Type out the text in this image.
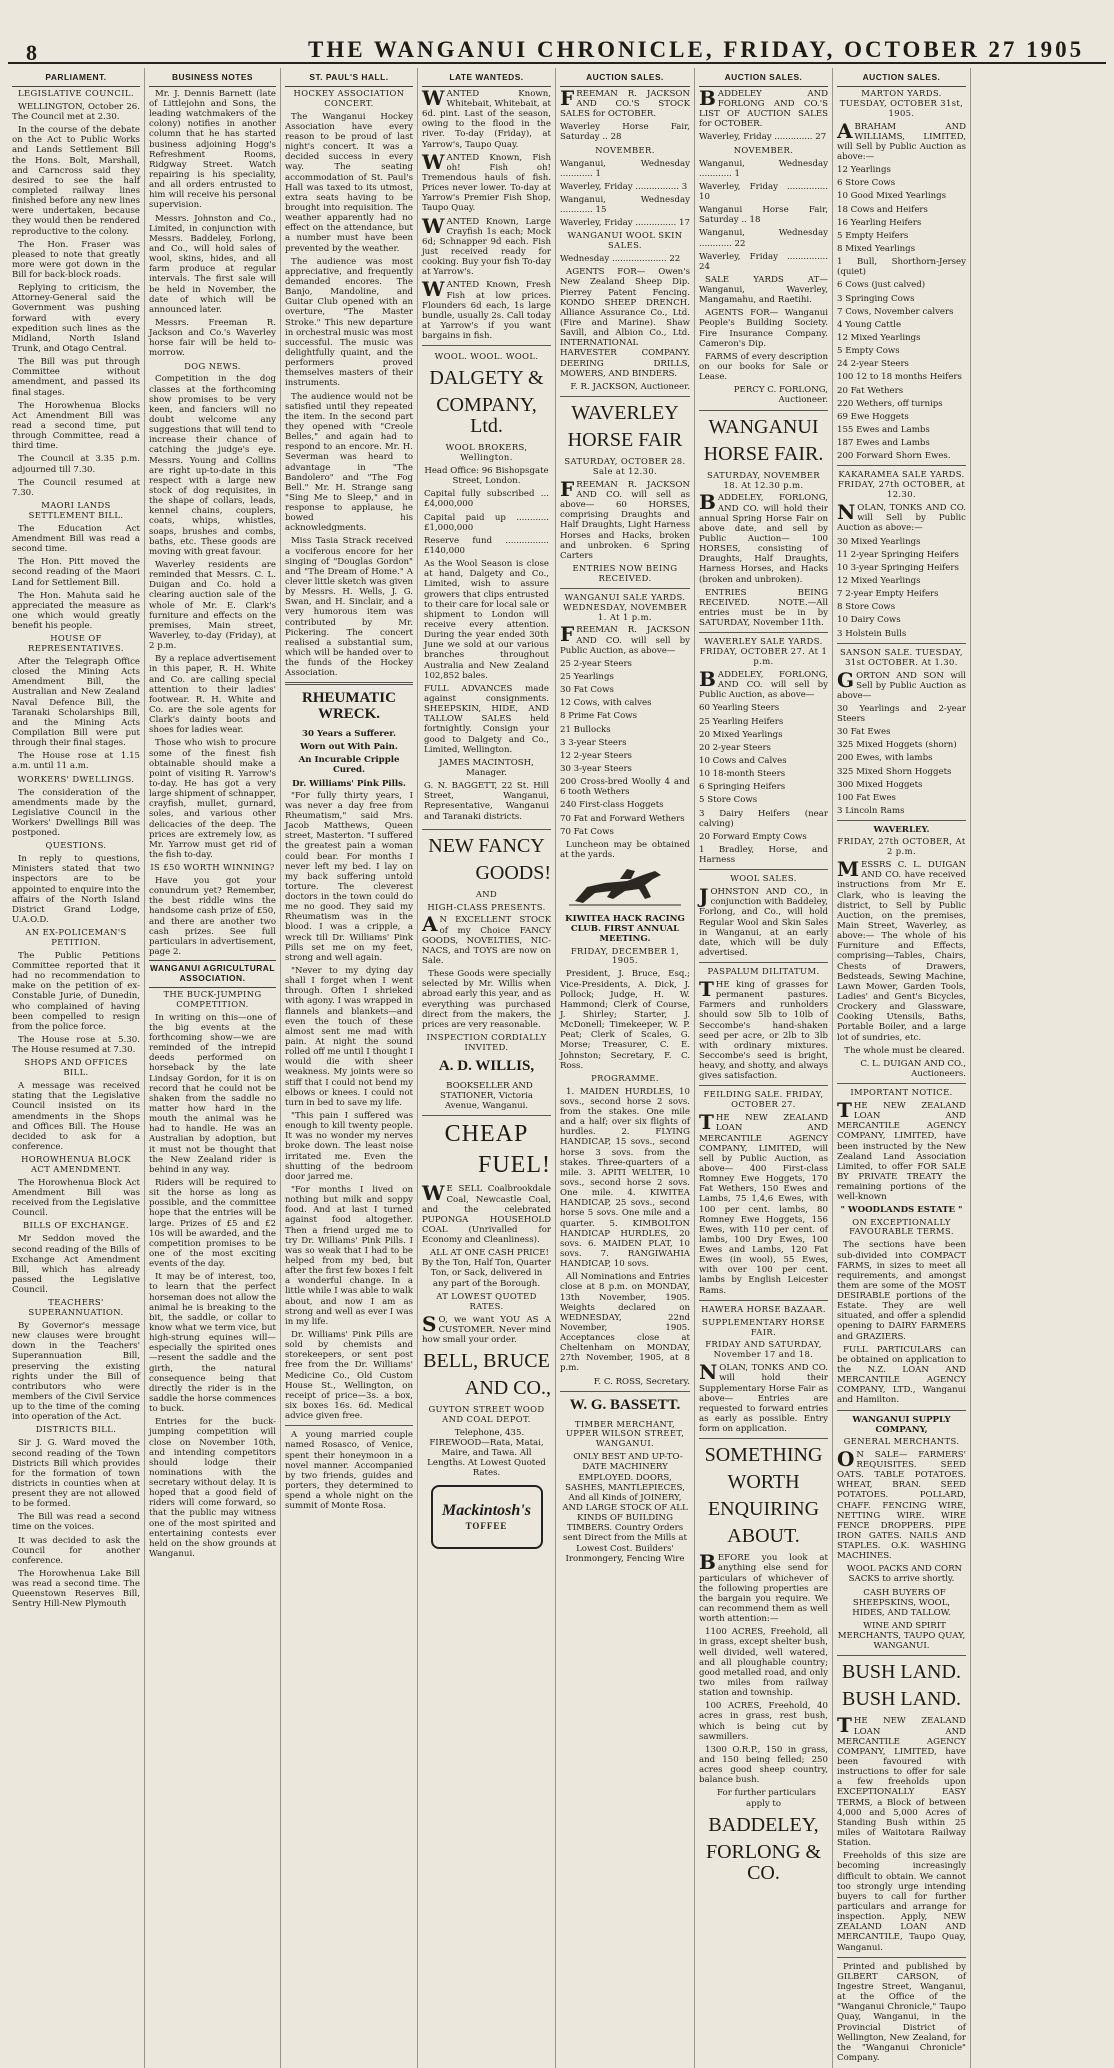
8	THE WANGANUI CHRONICLE, FRIDAY, OCTOBER 27 1905
PARLIAMENT.
LEGISLATIVE COUNCIL.

WELLINGTON, October 26. The Council met at 2.30.

In the course of the debate on the Act to Public Works and Lands Settlement Bill the Hons. Bolt, Marshall, and Carncross said they desired to see the half completed railway lines finished before any new lines were undertaken, because they would then be rendered reproductive to the colony.

The Hon. Fraser was pleased to note that greatly more were got down in the Bill for back-block roads.

Replying to criticism, the Attorney-General said the Government was pushing forward with every expedition such lines as the Midland, North Island Trunk, and Otago Central.

The Bill was put through Committee without amendment, and passed its final stages.

The Horowhenua Blocks Act Amendment Bill was read a second time, put through Committee, read a third time.

The Council at 3.35 p.m. adjourned till 7.30.

The Council resumed at 7.30.

MAORI LANDS SETTLEMENT BILL.

The Education Act Amendment Bill was read a second time.

The Hon. Pitt moved the second reading of the Maori Land for Settlement Bill.

The Hon. Mahuta said he appreciated the measure as one which would greatly benefit his people.

HOUSE OF REPRESENTATIVES.

After the Telegraph Office closed the Mining Acts Amendment Bill, the Australian and New Zealand Naval Defence Bill, the Taranaki Scholarships Bill, and the Mining Acts Compilation Bill were put through their final stages.

The House rose at 1.15 a.m. until 11 a.m.

WORKERS' DWELLINGS.

The consideration of the amendments made by the Legislative Council in the Workers' Dwellings Bill was postponed.

QUESTIONS.

In reply to questions, Ministers stated that two inspectors are to be appointed to enquire into the affairs of the North Island District Grand Lodge, U.A.O.D.

AN EX-POLICEMAN'S PETITION.

The Public Petitions Committee reported that it had no recommendation to make on the petition of ex-Constable Jurie, of Dunedin, who complained of having been compelled to resign from the police force.

The House rose at 5.30. The House resumed at 7.30.

SHOPS AND OFFICES BILL.

A message was received stating that the Legislative Council insisted on its amendments in the Shops and Offices Bill. The House decided to ask for a conference.

HOROWHENUA BLOCK ACT AMENDMENT.

The Horowhenua Block Act Amendment Bill was received from the Legislative Council.

BILLS OF EXCHANGE.

Mr Seddon moved the second reading of the Bills of Exchange Act Amendment Bill, which has already passed the Legislative Council.

TEACHERS' SUPERANNUATION.

By Governor's message new clauses were brought down in the Teachers' Superannuation Bill, preserving the existing rights under the Bill of contributors who were members of the Civil Service up to the time of the coming into operation of the Act.

DISTRICTS BILL.

Sir J. G. Ward moved the second reading of the Town Districts Bill which provides for the formation of town districts in counties when at present they are not allowed to be formed.

The Bill was read a second time on the voices.

It was decided to ask the Council for another conference.

The Horowhenua Lake Bill was read a second time. The Queenstown Reserves Bill, Sentry Hill-New Plymouth

BUSINESS NOTES

Mr. J. Dennis Barnett (late of Littlejohn and Sons, the leading watchmakers of the colony) notifies in another column that he has started business adjoining Hogg's Refreshment Rooms, Ridgway Street. Watch repairing is his speciality, and all orders entrusted to him will receive his personal supervision.

Messrs. Johnston and Co., Limited, in conjunction with Messrs. Baddeley, Forlong, and Co., will hold sales of wool, skins, hides, and all farm produce at regular intervals. The first sale will be held in November, the date of which will be announced later.

Messrs. Freeman R. Jackson and Co.'s Waverley horse fair will be held to-morrow.

DOG NEWS.

Competition in the dog classes at the forthcoming show promises to be very keen, and fanciers will no doubt welcome any suggestions that will tend to increase their chance of catching the judge's eye. Messrs. Young and Collins are right up-to-date in this respect with a large new stock of dog requisites, in the shape of collars, leads, kennel chains, couplers, coats, whips, whistles, soaps, brushes and combs, baths, etc. These goods are moving with great favour.

Waverley residents are reminded that Messrs. C. L. Duigan and Co. hold a clearing auction sale of the whole of Mr. E. Clark's furniture and effects on the premises, Main street, Waverley, to-day (Friday), at 2 p.m.

By a replace advertisement in this paper, R. H. White and Co. are calling special attention to their ladies' footwear. R. H. White and Co. are the sole agents for Clark's dainty boots and shoes for ladies wear.

Those who wish to procure some of the finest fish obtainable should make a point of visiting R. Yarrow's to-day. He has got a very large shipment of schnapper, crayfish, mullet, gurnard, soles, and various other delicacies of the deep. The prices are extremely low, as Mr. Yarrow must get rid of the fish to-day.

IS £50 WORTH WINNING?

Have you got your conundrum yet? Remember, the best riddle wins the handsome cash prize of £50, and there are another two cash prizes. See full particulars in advertisement, page 2.

WANGANUI AGRICULTURAL ASSOCIATION.
THE BUCK-JUMPING COMPETITION.

In writing on this—one of the big events at the forthcoming show—we are reminded of the intrepid deeds performed on horseback by the late Lindsay Gordon, for it is on record that he could not be shaken from the saddle no matter how hard in the mouth the animal was he had to handle. He was an Australian by adoption, but it must not be thought that the New Zealand rider is behind in any way.

Riders will be required to sit the horse as long as possible, and the committee hope that the entries will be large. Prizes of £5 and £2 10s will be awarded, and the competition promises to be one of the most exciting events of the day.

It may be of interest, too, to learn that the perfect horseman does not allow the animal he is breaking to the bit, the saddle, or collar to know what we term vice, but high-strung equines will—especially the spirited ones—resent the saddle and the girth, the natural consequence being that directly the rider is in the saddle the horse commences to buck.

Entries for the buck-jumping competition will close on November 10th, and intending competitors should lodge their nominations with the secretary without delay. It is hoped that a good field of riders will come forward, so that the public may witness one of the most spirited and entertaining contests ever held on the show grounds at Wanganui.

ST. PAUL'S HALL.
HOCKEY ASSOCIATION CONCERT.

The Wanganui Hockey Association have every reason to be proud of last night's concert. It was a decided success in every way. The seating accommodation of St. Paul's Hall was taxed to its utmost, extra seats having to be brought into requisition. The weather apparently had no effect on the attendance, but a number must have been prevented by the weather.

The audience was most appreciative, and frequently demanded encores. The Banjo, Mandoline, and Guitar Club opened with an overture, "The Master Stroke." This new departure in orchestral music was most successful. The music was delightfully quaint, and the performers proved themselves masters of their instruments.

The audience would not be satisfied until they repeated the item. In the second part they opened with "Creole Belles," and again had to respond to an encore. Mr. H. Severman was heard to advantage in "The Bandolero" and "The Fog Bell." Mr. H. Strange sang "Sing Me to Sleep," and in response to applause, he bowed his acknowledgments.

Miss Tasia Strack received a vociferous encore for her singing of "Douglas Gordon" and "The Dream of Home." A clever little sketch was given by Messrs. H. Wells, J. G. Swan, and H. Sinclair, and a very humorous item was contributed by Mr. Pickering. The concert realised a substantial sum, which will be handed over to the funds of the Hockey Association.

RHEUMATIC WRECK.
30 Years a Sufferer.
Worn out With Pain.
An Incurable Cripple Cured.
Dr. Williams' Pink Pills.

"For fully thirty years, I was never a day free from Rheumatism," said Mrs. Jacob Matthews, Queen street, Masterton. "I suffered the greatest pain a woman could bear. For months I never left my bed. I lay on my back suffering untold torture. The cleverest doctors in the town could do me no good. They said my Rheumatism was in the blood. I was a cripple, a wreck till Dr. Williams' Pink Pills set me on my feet, strong and well again.

"Never to my dying day shall I forget when I went through. Often I shrieked with agony. I was wrapped in flannels and blankets—and even the touch of these almost sent me mad with pain. At night the sound rolled off me until I thought I would die with sheer weakness. My joints were so stiff that I could not bend my elbows or knees. I could not turn in bed to save my life.

"This pain I suffered was enough to kill twenty people. It was no wonder my nerves broke down. The least noise irritated me. Even the shutting of the bedroom door jarred me.

"For months I lived on nothing but milk and soppy food. And at last I turned against food altogether. Then a friend urged me to try Dr. Williams' Pink Pills. I was so weak that I had to be helped from my bed, but after the first few boxes I felt a wonderful change. In a little while I was able to walk about, and now I am as strong and well as ever I was in my life.

Dr. Williams' Pink Pills are sold by chemists and storekeepers, or sent post free from the Dr. Williams' Medicine Co., Old Custom House St., Wellington, on receipt of price—3s. a box, six boxes 16s. 6d. Medical advice given free.

A young married couple named Rosasco, of Venice, spent their honeymoon in a novel manner. Accompanied by two friends, guides and porters, they determined to spend a whole night on the summit of Monte Rosa.

LATE WANTEDS.

WANTED Known, Whitebait, Whitebait, at 6d. pint. Last of the season, owing to the flood in the river. To-day (Friday), at Yarrow's, Taupo Quay.

WANTED Known, Fish oh! Fish oh! Tremendous hauls of fish. Prices never lower. To-day at Yarrow's Premier Fish Shop, Taupo Quay.

WANTED Known, Large Crayfish 1s each; Mock 6d; Schnapper 9d each. Fish just received ready for cooking. Buy your fish To-day at Yarrow's.

WANTED Known, Fresh Fish at low prices. Flounders 6d each, 1s large bundle, usually 2s. Call today at Yarrow's if you want bargains in fish.

WOOL. WOOL. WOOL.
DALGETY &
COMPANY, Ltd.
WOOL BROKERS, Wellington.

Head Office: 96 Bishopsgate Street, London.

Capital fully subscribed ... £4,000,000

Capital paid up ............ £1,000,000

Reserve fund ................ £140,000

As the Wool Season is close at hand, Dalgety and Co., Limited, wish to assure growers that clips entrusted to their care for local sale or shipment to London will receive every attention. During the year ended 30th June we sold at our various branches throughout Australia and New Zealand 102,852 bales.

FULL ADVANCES made against consignments. SHEEPSKIN, HIDE, AND TALLOW SALES held fortnightly. Consign your good to Dalgety and Co., Limited, Wellington.

JAMES MACINTOSH, Manager.

G. N. BAGGETT, 22 St. Hill Street, Wanganui, Representative, Wanganui and Taranaki districts.

NEW FANCY
GOODS!
AND
HIGH-CLASS PRESENTS.

AN EXCELLENT STOCK of my Choice FANCY GOODS, NOVELTIES, NIC-NACS, and TOYS are now on Sale.

These Goods were specially selected by Mr. Willis when abroad early this year, and as everything was purchased direct from the makers, the prices are very reasonable.

INSPECTION CORDIALLY INVITED.
A. D. WILLIS,

BOOKSELLER AND STATIONER, Victoria Avenue, Wanganui.

CHEAP
FUEL!

WE SELL Coalbrookdale Coal, Newcastle Coal, and the celebrated PUPONGA HOUSEHOLD COAL (Unrivalled for Economy and Cleanliness).

ALL AT ONE CASH PRICE! By the Ton, Half Ton, Quarter Ton, or Sack, delivered in any part of the Borough.

AT LOWEST QUOTED RATES.

SO, we want YOU AS A CUSTOMER. Never mind how small your order.

BELL, BRUCE
AND CO.,
GUYTON STREET WOOD AND COAL DEPOT.

Telephone, 435. FIREWOOD—Rata, Matai, Maire, and Tawa. All Lengths. At Lowest Quoted Rates.

Mackintosh's
TOFFEE
AUCTION SALES.

FREEMAN R. JACKSON AND CO.'S STOCK SALES for OCTOBER.

Waverley Horse Fair, Saturday .. 28

NOVEMBER.

Wanganui, Wednesday ............ 1

Waverley, Friday ................ 3

Wanganui, Wednesday ............ 15

Waverley, Friday ............... 17

WANGANUI WOOL SKIN SALES.

Wednesday .................... 22

AGENTS FOR— Owen's New Zealand Sheep Dip. Pierrey Patent Fencing. KONDO SHEEP DRENCH. Alliance Assurance Co., Ltd. (Fire and Marine). Shaw Savill, and Albion Co., Ltd. INTERNATIONAL HARVESTER COMPANY. DEERING DRILLS, MOWERS, AND BINDERS.

F. R. JACKSON, Auctioneer.

WAVERLEY
HORSE FAIR
SATURDAY, OCTOBER 28. Sale at 12.30.

FREEMAN R. JACKSON AND CO. will sell as above— 60 HORSES, comprising Draughts and Half Draughts, Light Harness Horses and Hacks, broken and unbroken. 6 Spring Carters

ENTRIES NOW BEING RECEIVED.
WANGANUI SALE YARDS. WEDNESDAY, NOVEMBER 1. At 1 p.m.

FREEMAN R. JACKSON AND CO. will sell by Public Auction, as above—

25 2-year Steers

25 Yearlings

30 Fat Cows

12 Cows, with calves

8 Prime Fat Cows

21 Bullocks

3 3-year Steers

12 2-year Steers

30 3-year Steers

200 Cross-bred Woolly 4 and 6 tooth Wethers

240 First-class Hoggets

70 Fat and Forward Wethers

70 Fat Cows

Luncheon may be obtained at the yards.

KIWITEA HACK RACING CLUB. FIRST ANNUAL MEETING.
FRIDAY, DECEMBER 1, 1905.

President, J. Bruce, Esq.; Vice-Presidents, A. Dick, J. Pollock; Judge, H. W. Hammond; Clerk of Course, J. Shirley; Starter, J. McDonell; Timekeeper, W. P. Peat; Clerk of Scales, G. Morse; Treasurer, C. E. Johnston; Secretary, F. C. Ross.

PROGRAMME.

1. MAIDEN HURDLES, 10 sovs., second horse 2 sovs. from the stakes. One mile and a half; over six flights of hurdles. 2. FLYING HANDICAP, 15 sovs., second horse 3 sovs. from the stakes. Three-quarters of a mile. 3. APITI WELTER, 10 sovs., second horse 2 sovs. One mile. 4. KIWITEA HANDICAP, 25 sovs., second horse 5 sovs. One mile and a quarter. 5. KIMBOLTON HANDICAP HURDLES, 20 sovs. 6. MAIDEN PLAT, 10 sovs. 7. RANGIWAHIA HANDICAP, 10 sovs.

All Nominations and Entries close at 8 p.m. on MONDAY, 13th November, 1905. Weights declared on WEDNESDAY, 22nd November, 1905. Acceptances close at Cheltenham on MONDAY, 27th November, 1905, at 8 p.m.

F. C. ROSS, Secretary.

W. G. BASSETT.
TIMBER MERCHANT, UPPER WILSON STREET, WANGANUI.

ONLY BEST AND UP-TO-DATE MACHINERY EMPLOYED. DOORS, SASHES, MANTLEPIECES, And all Kinds of JOINERY, AND LARGE STOCK OF ALL KINDS OF BUILDING TIMBERS. Country Orders sent Direct from the Mills at Lowest Cost. Builders' Ironmongery, Fencing Wire

AUCTION SALES.

BADDELEY AND FORLONG AND CO.'S LIST OF AUCTION SALES for OCTOBER.

Waverley, Friday .............. 27

NOVEMBER.

Wanganui, Wednesday ............ 1

Waverley, Friday ............... 10

Wanganui Horse Fair, Saturday .. 18

Wanganui, Wednesday ............ 22

Waverley, Friday ............... 24

SALE YARDS AT— Wanganui, Waverley, Mangamahu, and Raetihi.

AGENTS FOR— Wanganui People's Building Society. Fire Insurance Company. Cameron's Dip.

FARMS of every description on our books for Sale or Lease.

PERCY C. FORLONG, Auctioneer.

WANGANUI
HORSE FAIR.
SATURDAY, NOVEMBER 18. At 12.30 p.m.

BADDELEY, FORLONG, AND CO. will hold their annual Spring Horse Fair on above date, and sell by Public Auction— 100 HORSES, consisting of Draughts, Half Draughts, Harness Horses, and Hacks (broken and unbroken).

ENTRIES BEING RECEIVED. NOTE.—All entries must be in by SATURDAY, November 11th.

WAVERLEY SALE YARDS. FRIDAY, OCTOBER 27. At 1 p.m.

BADDELEY, FORLONG, AND CO. will sell by Public Auction, as above—

60 Yearling Steers

25 Yearling Heifers

20 Mixed Yearlings

20 2-year Steers

10 Cows and Calves

10 18-month Steers

6 Springing Heifers

5 Store Cows

3 Dairy Heifers (near calving)

20 Forward Empty Cows

1 Bradley, Horse, and Harness

WOOL SALES.

JOHNSTON AND CO., in conjunction with Baddeley, Forlong, and Co., will hold Regular Wool and Skin Sales in Wanganui, at an early date, which will be duly advertised.

PASPALUM DILITATUM.

THE king of grasses for permanent pastures. Farmers and runholders should sow 5lb to 10lb of Seccombe's hand-shaken seed per acre, or 2lb to 3lb with ordinary mixtures. Seccombe's seed is bright, heavy, and shotty, and always gives satisfaction.

FEILDING SALE. FRIDAY, OCTOBER 27.

THE NEW ZEALAND LOAN AND MERCANTILE AGENCY COMPANY, LIMITED, will sell by Public Auction, as above— 400 First-class Romney Ewe Hoggets, 170 Fat Wethers, 150 Ewes and Lambs, 75 1,4,6 Ewes, with 100 per cent. lambs, 80 Romney Ewe Hoggets, 156 Ewes, with 110 per cent. of lambs, 100 Dry Ewes, 100 Ewes and Lambs, 120 Fat Ewes (in wool), 55 Ewes, with over 100 per cent. lambs by English Leicester Rams.

HAWERA HORSE BAZAAR.
SUPPLEMENTARY HORSE FAIR.
FRIDAY AND SATURDAY, November 17 and 18.

NOLAN, TONKS AND CO. will hold their Supplementary Horse Fair as above— Entries are requested to forward entries as early as possible. Entry form on application.

SOMETHING
WORTH
ENQUIRING
ABOUT.

BEFORE you look at anything else send for particulars of whichever of the following properties are the bargain you require. We can recommend them as well worth attention:—

1100 ACRES, Freehold, all in grass, except shelter bush, well divided, well watered, and all ploughable country; good metalled road, and only two miles from railway station and township.

100 ACRES, Freehold, 40 acres in grass, rest bush, which is being cut by sawmillers.

1300 O.R.P., 150 in grass, and 150 being felled; 250 acres good sheep country, balance bush.

For further particulars apply to

BADDELEY,
FORLONG & CO.
AUCTION SALES.
MARTON YARDS. TUESDAY, OCTOBER 31st, 1905.

ABRAHAM AND WILLIAMS, LIMITED, will Sell by Public Auction as above:—

12 Yearlings

6 Store Cows

10 Good Mixed Yearlings

18 Cows and Heifers

16 Yearling Heifers

5 Empty Heifers

8 Mixed Yearlings

1 Bull, Shorthorn-Jersey (quiet)

6 Cows (just calved)

3 Springing Cows

7 Cows, November calvers

4 Young Cattle

12 Mixed Yearlings

5 Empty Cows

24 2-year Steers

100 12 to 18 months Heifers

20 Fat Wethers

220 Wethers, off turnips

69 Ewe Hoggets

155 Ewes and Lambs

187 Ewes and Lambs

200 Forward Shorn Ewes.

KAKARAMEA SALE YARDS. FRIDAY, 27th OCTOBER, at 12.30.

NOLAN, TONKS AND CO. will Sell by Public Auction as above:—

30 Mixed Yearlings

11 2-year Springing Heifers

10 3-year Springing Heifers

12 Mixed Yearlings

7 2-year Empty Heifers

8 Store Cows

10 Dairy Cows

3 Holstein Bulls

SANSON SALE. TUESDAY, 31st OCTOBER. At 1.30.

GORTON AND SON will Sell by Public Auction as above—

30 Yearlings and 2-year Steers

30 Fat Ewes

325 Mixed Hoggets (shorn)

200 Ewes, with lambs

325 Mixed Shorn Hoggets

300 Mixed Hoggets

100 Fat Ewes

3 Lincoln Rams

WAVERLEY.
FRIDAY, 27th OCTOBER, At 2 p.m.

MESSRS C. L. DUIGAN AND CO. have received instructions from Mr E. Clark, who is leaving the district, to Sell by Public Auction, on the premises, Main Street, Waverley, as above:— The whole of his Furniture and Effects, comprising—Tables, Chairs, Chests of Drawers, Bedsteads, Sewing Machine, Lawn Mower, Garden Tools, Ladies' and Gent's Bicycles, Crockery and Glassware, Cooking Utensils, Baths, Portable Boiler, and a large lot of sundries, etc.

The whole must be cleared.

C. L. DUIGAN AND CO., Auctioneers.

IMPORTANT NOTICE.

THE NEW ZEALAND LOAN AND MERCANTILE AGENCY COMPANY, LIMITED, have been instructed by the New Zealand Land Association Limited, to offer FOR SALE BY PRIVATE TREATY the remaining portions of the well-known

" WOODLANDS ESTATE "
ON EXCEPTIONALLY FAVOURABLE TERMS.

The sections have been sub-divided into COMPACT FARMS, in sizes to meet all requirements, and amongst them are some of the MOST DESIRABLE portions of the Estate. They are well situated, and offer a splendid opening to DAIRY FARMERS and GRAZIERS.

FULL PARTICULARS can be obtained on application to the N.Z. LOAN AND MERCANTILE AGENCY COMPANY, LTD., Wanganui and Hamilton.

WANGANUI SUPPLY COMPANY,
GENERAL MERCHANTS.

ON SALE— FARMERS' REQUISITES. SEED OATS. TABLE POTATOES. WHEAT, BRAN. SEED POTATOES. POLLARD, CHAFF. FENCING WIRE, NETTING WIRE. WIRE FENCE DROPPERS. PIPE IRON GATES. NAILS AND STAPLES. O.K. WASHING MACHINES.

WOOL PACKS AND CORN SACKS to arrive shortly.

CASH BUYERS OF SHEEPSKINS, WOOL, HIDES, AND TALLOW.

WINE AND SPIRIT MERCHANTS, TAUPO QUAY, WANGANUI.

BUSH LAND.
BUSH LAND.

THE NEW ZEALAND LOAN AND MERCANTILE AGENCY COMPANY, LIMITED, have been favoured with instructions to offer for sale a few freeholds upon EXCEPTIONALLY EASY TERMS, a Block of between 4,000 and 5,000 Acres of Standing Bush within 25 miles of Waitotara Railway Station.

Freeholds of this size are becoming increasingly difficult to obtain. We cannot too strongly urge intending buyers to call for further particulars and arrange for inspection. Apply, NEW ZEALAND LOAN AND MERCANTILE, Taupo Quay, Wanganui.

Printed and published by GILBERT CARSON, of Ingestre Street, Wanganui, at the Office of the "Wanganui Chronicle," Taupo Quay, Wanganui, in the Provincial District of Wellington, New Zealand, for the "Wanganui Chronicle" Company.
